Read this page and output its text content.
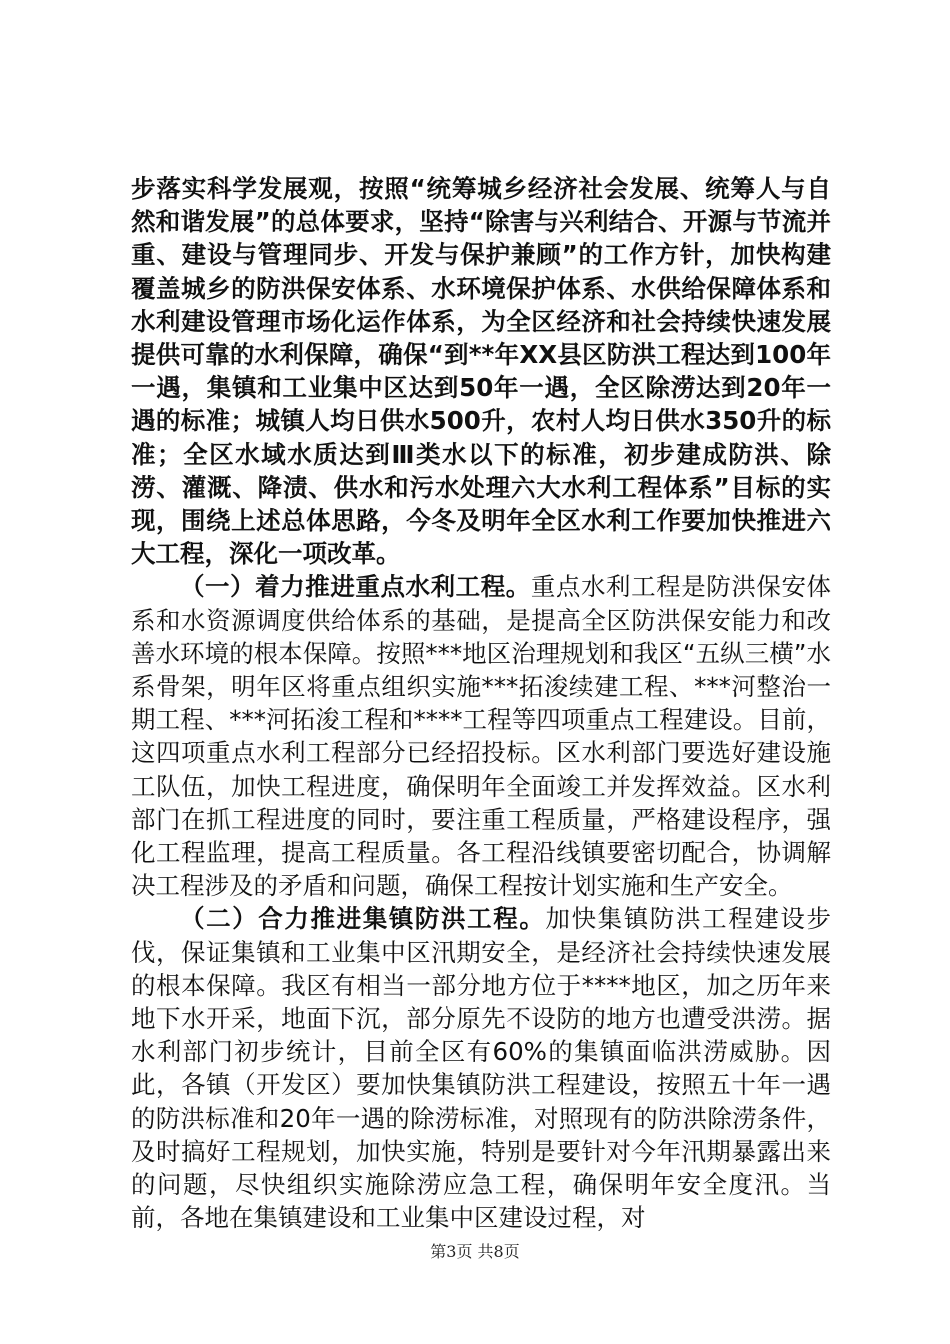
步落实科学发展观，按照“统筹城乡经济社会发展、统筹人与自然和谐发展”的总体要求，坚持“除害与兴利结合、开源与节流并重、建设与管理同步、开发与保护兼顾”的工作方针，加快构建覆盖城乡的防洪保安体系、水环境保护体系、水供给保障体系和水利建设管理市场化运作体系，为全区经济和社会持续快速发展提供可靠的水利保障，确保“到**年XX县区防洪工程达到100年一遇，集镇和工业集中区达到50年一遇，全区除涝达到20年一遇的标准；城镇人均日供水500升，农村人均日供水350升的标准；全区水域水质达到Ⅲ类水以下的标准，初步建成防洪、除涝、灌溉、降渍、供水和污水处理六大水利工程体系”目标的实现，围绕上述总体思路，今冬及明年全区水利工作要加快推进六大工程，深化一项改革。

（一）着力推进重点水利工程。重点水利工程是防洪保安体系和水资源调度供给体系的基础，是提高全区防洪保安能力和改善水环境的根本保障。按照***地区治理规划和我区“五纵三横”水系骨架，明年区将重点组织实施***拓浚续建工程、***河整治一期工程、***河拓浚工程和****工程等四项重点工程建设。目前，这四项重点水利工程部分已经招投标。区水利部门要选好建设施工队伍，加快工程进度，确保明年全面竣工并发挥效益。区水利部门在抓工程进度的同时，要注重工程质量，严格建设程序，强化工程监理，提高工程质量。各工程沿线镇要密切配合，协调解决工程涉及的矛盾和问题，确保工程按计划实施和生产安全。

（二）合力推进集镇防洪工程。加快集镇防洪工程建设步伐，保证集镇和工业集中区汛期安全，是经济社会持续快速发展的根本保障。我区有相当一部分地方位于****地区，加之历年来地下水开采，地面下沉，部分原先不设防的地方也遭受洪涝。据水利部门初步统计，目前全区有60%的集镇面临洪涝威胁。因此，各镇（开发区）要加快集镇防洪工程建设，按照五十年一遇的防洪标准和20年一遇的除涝标准，对照现有的防洪除涝条件，及时搞好工程规划，加快实施，特别是要针对今年汛期暴露出来的问题，尽快组织实施除涝应急工程，确保明年安全度汛。当前，各地在集镇建设和工业集中区建设过程，对

第3页 共8页
